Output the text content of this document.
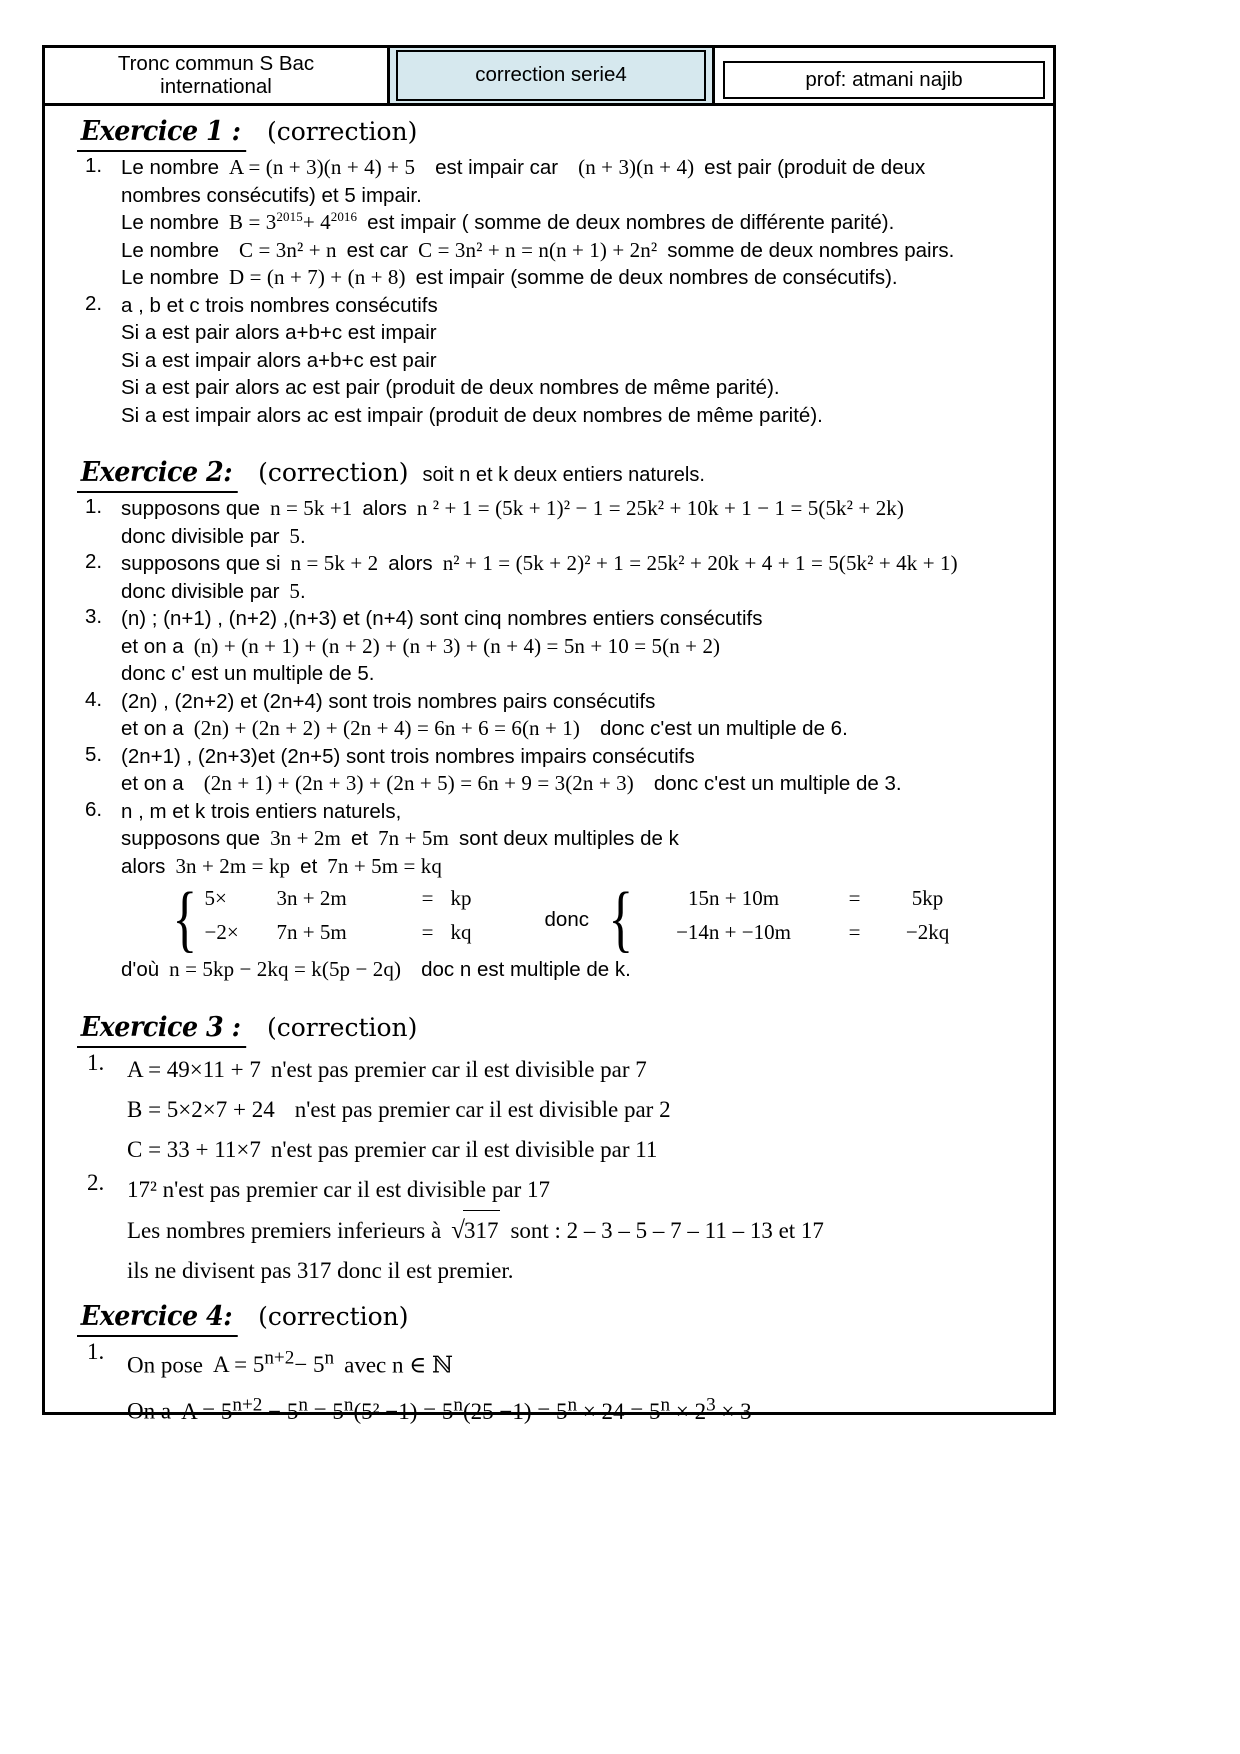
Tronc commun S Bac
international	correction serie4	prof: atmani najib
Exercice 1 : (correction)
1. Le nombre A = (n + 3)(n + 4) + 5 est impair car (n + 3)(n + 4) est pair (produit de deux
nombres consécutifs) et 5 impair.
Le nombre $B = 3^{2015}+ 4^{2016}$ est impair ( somme de deux nombres de différente parité).
Le nombre C = 3n² + n est car C = 3n² + n = n(n + 1) + 2n² somme de deux nombres pairs.
Le nombre D = (n + 7) + (n + 8) est impair (somme de deux nombres de consécutifs).
2. a , b et c trois nombres consécutifs
Si a est pair alors a+b+c est impair
Si a est impair alors a+b+c est pair
Si a est pair alors ac est pair (produit de deux nombres de même parité).
Si a est impair alors ac est impair (produit de deux nombres de même parité).
Exercice 2: (correction) soit n et k deux entiers naturels.
1. supposons que n = 5k +1 alors n ² + 1 = (5k + 1)² − 1 = 25k² + 10k + 1 − 1 = 5(5k² + 2k)
donc divisible par 5.
2. supposons que si n = 5k + 2 alors n² + 1 = (5k + 2)² + 1 = 25k² + 20k + 4 + 1 = 5(5k² + 4k + 1)
donc divisible par 5.
3. (n) ; (n+1) , (n+2) ,(n+3) et (n+4) sont cinq nombres entiers consécutifs
et on a (n) + (n + 1) + (n + 2) + (n + 3) + (n + 4) = 5n + 10 = 5(n + 2)
donc c' est un multiple de 5.
4. (2n) , (2n+2) et (2n+4) sont trois nombres pairs consécutifs
et on a (2n) + (2n + 2) + (2n + 4) = 6n + 6 = 6(n + 1) donc c'est un multiple de 6.
5. (2n+1) , (2n+3)et (2n+5) sont trois nombres impairs consécutifs
et on a (2n + 1) + (2n + 3) + (2n + 5) = 6n + 9 = 3(2n + 3) donc c'est un multiple de 3.
6. n , m et k trois entiers naturels,
supposons que 3n + 2m et 7n + 5m sont deux multiples de k
alors 3n + 2m = kp et 7n + 5m = kq
{ 5×	3n + 2m	= kp
−2×	7n + 5m	= kq
donc {	15n + 10m	=	5kp
−14n + −10m	=	−2kq
d'où n = 5kp − 2kq = k(5p − 2q) doc n est multiple de k.
Exercice 3 : (correction)
1. A = 49×11 + 7 n'est pas premier car il est divisible par 7
B = 5×2×7 + 24 n'est pas premier car il est divisible par 2
C = 33 + 11×7 n'est pas premier car il est divisible par 11
2. 17² n'est pas premier car il est divisible par 17
Les nombres premiers inferieurs à √317 sont : 2 – 3 – 5 – 7 – 11 – 13 et 17
ils ne divisent pas 317 donc il est premier.
Exercice 4: (correction)
1.
On pose $A = 5^{n+2}- 5^n$ avec n ∈ ℕ
On a $A = 5^{n+2} - 5^n = 5^n(5^2 -1) = 5^n(25 -1) = 5^n \times 24 = 5^n \times 2^3 \times 3$
